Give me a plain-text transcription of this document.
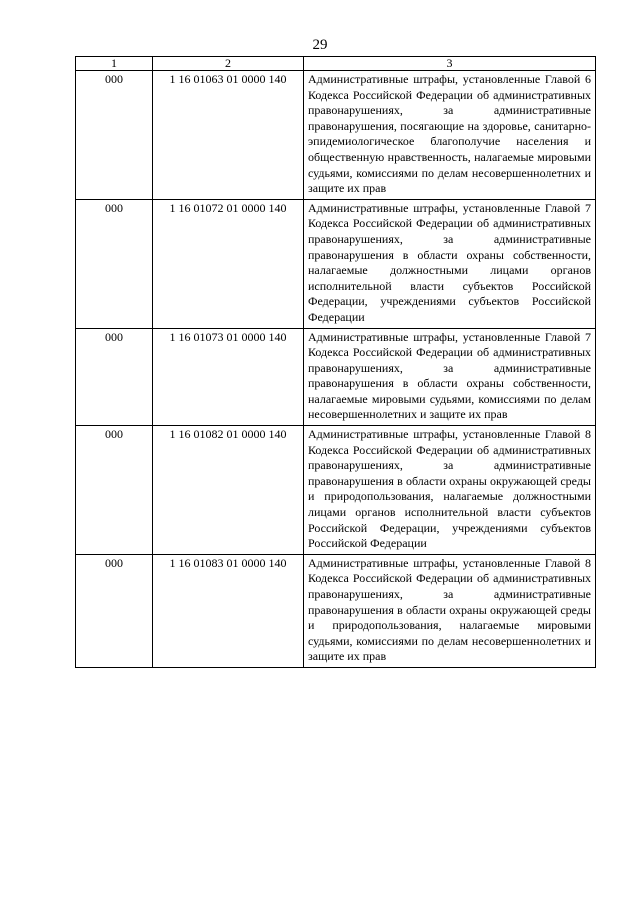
29
1	2	3
000	1 16 01063 01 0000 140	Административные штрафы, установленные Главой 6 Кодекса Российской Федерации об административных правонарушениях, за административные правонарушения, посягающие на здоровье, санитарно-эпидемиологическое благополучие населения и общественную нравственность, налагаемые мировыми судьями, комиссиями по делам несовершеннолетних и защите их прав
000	1 16 01072 01 0000 140	Административные штрафы, установленные Главой 7 Кодекса Российской Федерации об административных правонарушениях, за административные правонарушения в области охраны собственности, налагаемые должностными лицами органов исполнительной власти субъектов Российской Федерации, учреждениями субъектов Российской Федерации
000	1 16 01073 01 0000 140	Административные штрафы, установленные Главой 7 Кодекса Российской Федерации об административных правонарушениях, за административные правонарушения в области охраны собственности, налагаемые мировыми судьями, комиссиями по делам несовершеннолетних и защите их прав
000	1 16 01082 01 0000 140	Административные штрафы, установленные Главой 8 Кодекса Российской Федерации об административных правонарушениях, за административные правонарушения в области охраны окружающей среды и природопользования, налагаемые должностными лицами органов исполнительной власти субъектов Российской Федерации, учреждениями субъектов Российской Федерации
000	1 16 01083 01 0000 140	Административные штрафы, установленные Главой 8 Кодекса Российской Федерации об административных правонарушениях, за административные правонарушения в области охраны окружающей среды и природопользования, налагаемые мировыми судьями, комиссиями по делам несовершеннолетних и защите их прав
